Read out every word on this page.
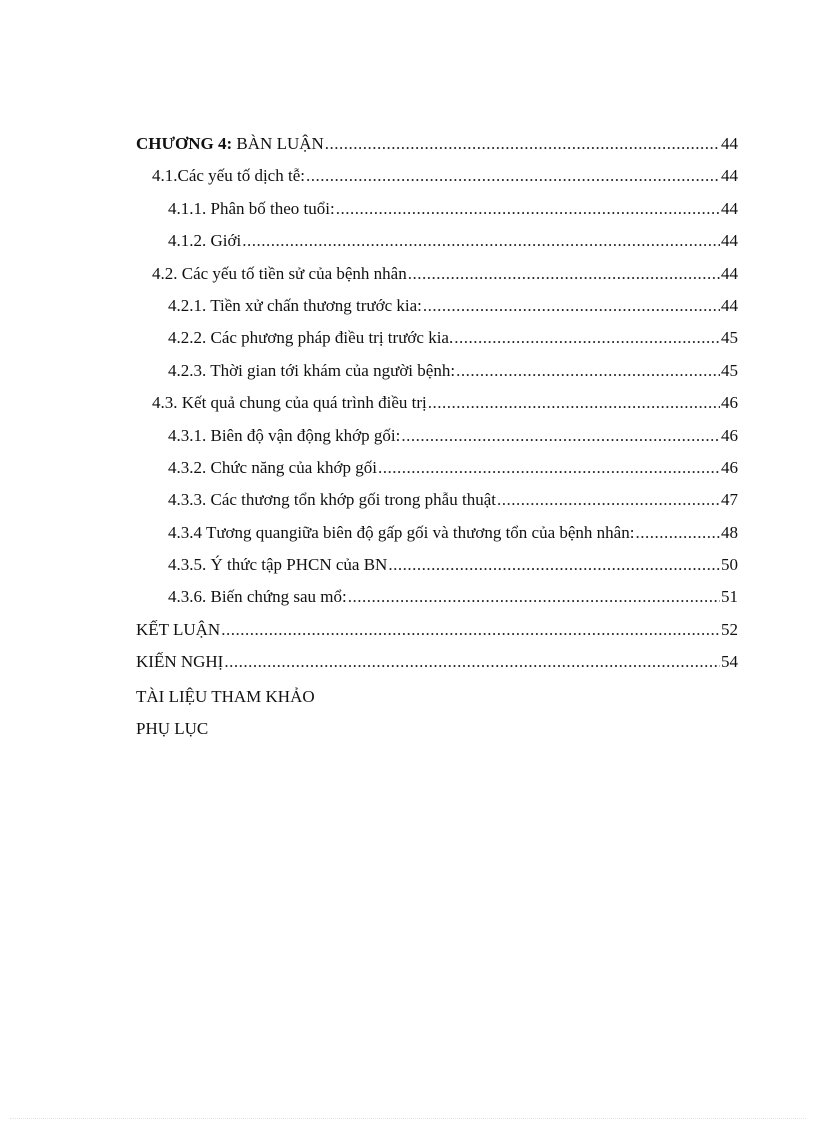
CHƯƠNG 4: BÀN LUẬN .....	44
4.1.Các yếu tố dịch tễ: .....	44
4.1.1. Phân bố theo tuổi: .....	44
4.1.2. Giới .....	44
4.2. Các yếu tố tiền sử của bệnh nhân .....	44
4.2.1. Tiền xử chấn thương trước kia: .....	44
4.2.2. Các phương pháp điều trị trước kia. .....	45
4.2.3. Thời gian tới khám của người bệnh: .....	45
4.3. Kết quả chung của quá trình điều trị .....	46
4.3.1. Biên độ vận động khớp gối: .....	46
4.3.2. Chức năng của khớp gối .....	46
4.3.3. Các thương tổn khớp gối trong phẫu thuật .....	47
4.3.4 Tương quangiữa biên độ gấp gối và thương tổn của bệnh nhân: .....	48
4.3.5. Ý thức tập PHCN của BN .....	50
4.3.6. Biến chứng sau mổ: .....	51
KẾT LUẬN .....	52
KIẾN NGHỊ .....	54
TÀI LIỆU THAM KHẢO
PHỤ LỤC
